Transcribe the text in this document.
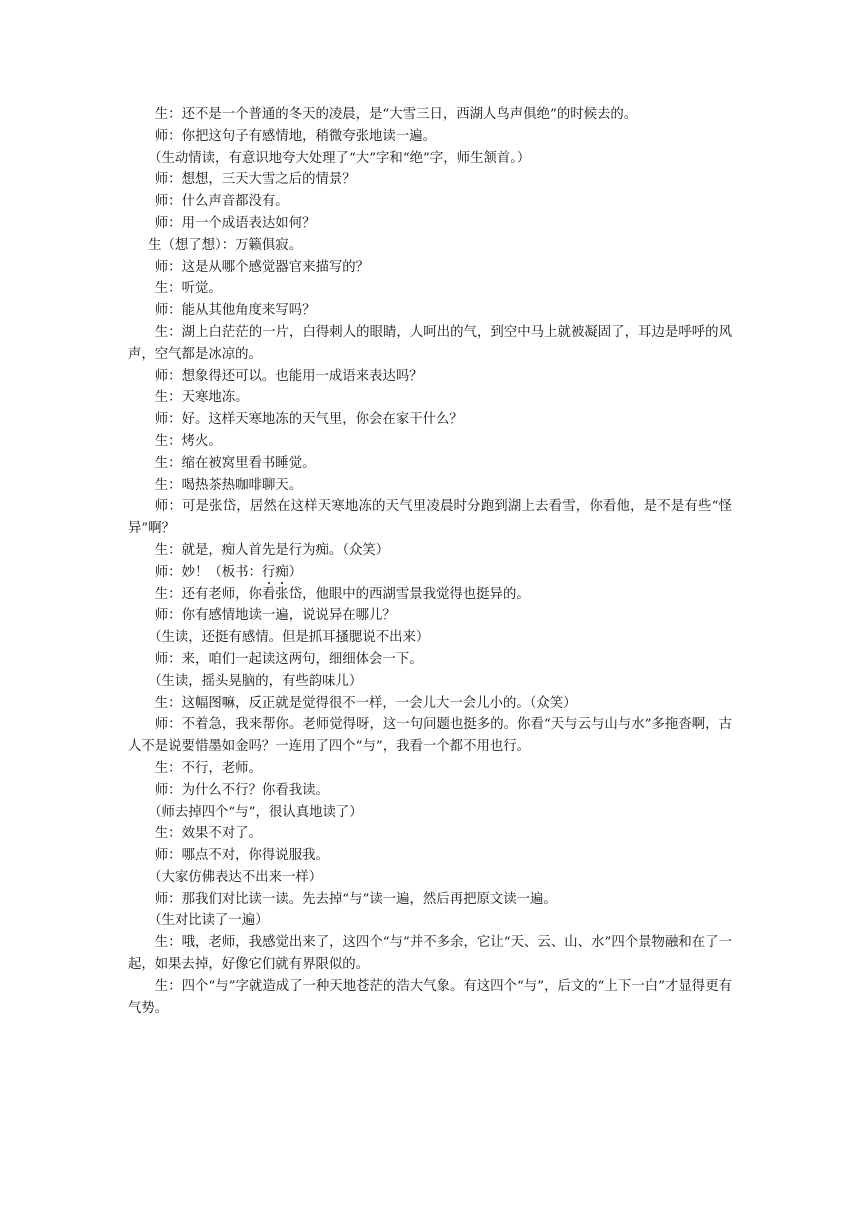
生：还不是一个普通的冬天的凌晨，是“大雪三日，西湖人鸟声俱绝”的时候去的。

师：你把这句子有感情地，稍微夸张地读一遍。

（生动情读，有意识地夸大处理了“大”字和“绝”字，师生颔首。）

师：想想，三天大雪之后的情景？

师：什么声音都没有。

师：用一个成语表达如何？

生（想了想）：万籁俱寂。

师：这是从哪个感觉器官来描写的？

生：听觉。

师：能从其他角度来写吗？

生：湖上白茫茫的一片，白得刺人的眼睛，人呵出的气，到空中马上就被凝固了，耳边是呼呼的风声，空气都是冰凉的。

师：想象得还可以。也能用一成语来表达吗？

生：天寒地冻。

师：好。这样天寒地冻的天气里，你会在家干什么？

生：烤火。

生：缩在被窝里看书睡觉。

生：喝热茶热咖啡聊天。

师：可是张岱，居然在这样天寒地冻的天气里凌晨时分跑到湖上去看雪，你看他，是不是有些“怪异”啊？

生：就是，痴人首先是行为痴。（众笑）

师：妙！（板书：行痴）

生：还有老师，你看张岱，他眼中的西湖雪景我觉得也挺异的。

师：你有感情地读一遍，说说异在哪儿？

（生读，还挺有感情。但是抓耳搔腮说不出来）

师：来，咱们一起读这两句，细细体会一下。

（生读，摇头晃脑的，有些韵味儿）

生：这幅图嘛，反正就是觉得很不一样，一会儿大一会儿小的。（众笑）

师：不着急，我来帮你。老师觉得呀，这一句问题也挺多的。你看“天与云与山与水”多拖沓啊，古人不是说要惜墨如金吗？一连用了四个“与”，我看一个都不用也行。

生：不行，老师。

师：为什么不行？你看我读。

（师去掉四个“与”，很认真地读了）

生：效果不对了。

师：哪点不对，你得说服我。

（大家仿佛表达不出来一样）

师：那我们对比读一读。先去掉“与”读一遍，然后再把原文读一遍。

（生对比读了一遍）

生：哦，老师，我感觉出来了，这四个“与”并不多余，它让“天、云、山、水”四个景物融和在了一起，如果去掉，好像它们就有界限似的。

生：四个“与”字就造成了一种天地苍茫的浩大气象。有这四个“与”，后文的“上下一白”才显得更有气势。
